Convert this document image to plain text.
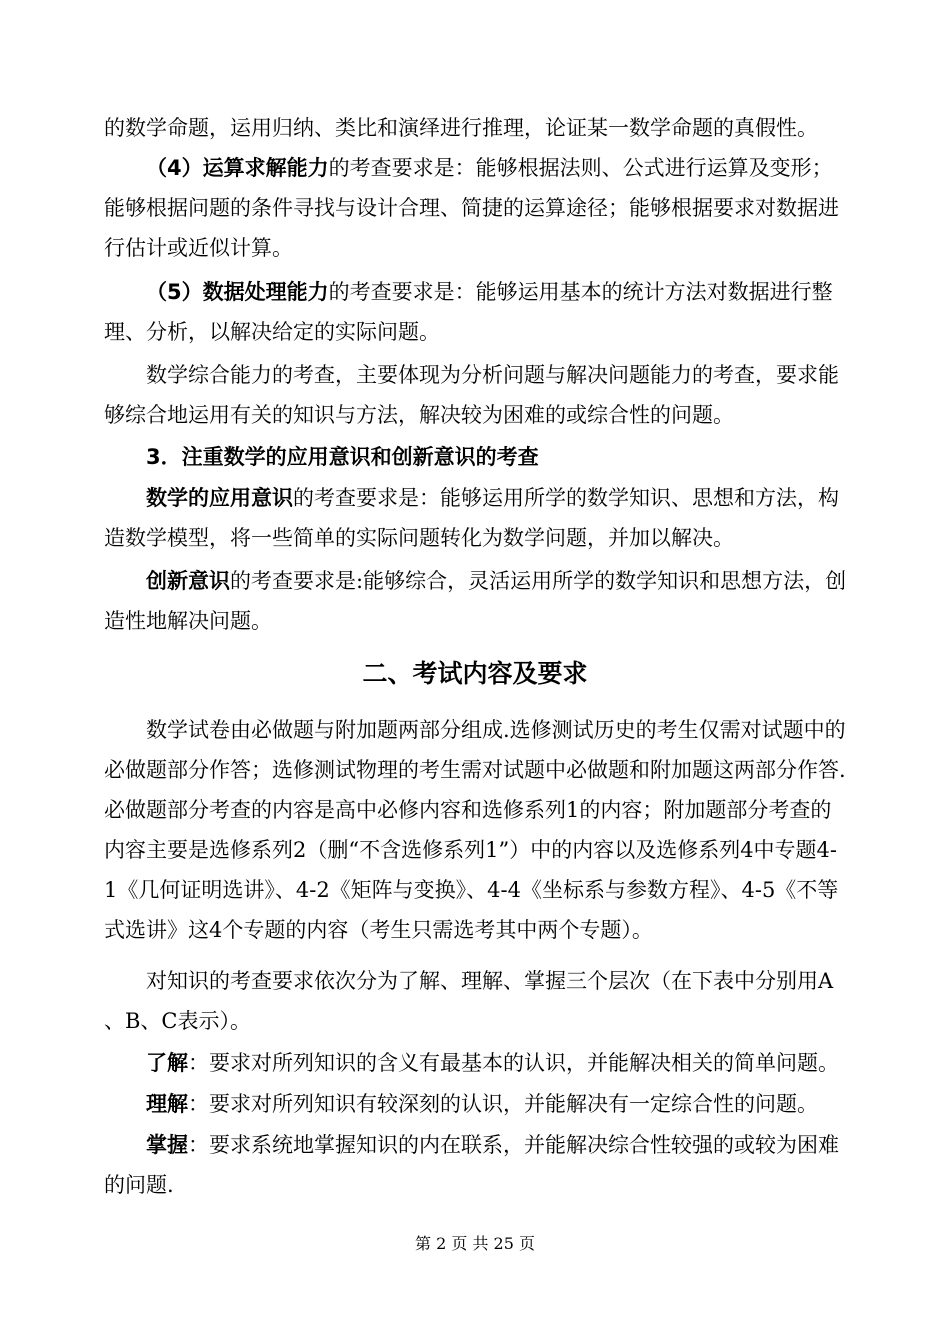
的数学命题，运用归纳、类比和演绎进行推理，论证某一数学命题的真假性。

（4）运算求解能力的考查要求是：能够根据法则、公式进行运算及变形；能够根据问题的条件寻找与设计合理、简捷的运算途径；能够根据要求对数据进行估计或近似计算。

（5）数据处理能力的考查要求是：能够运用基本的统计方法对数据进行整理、分析，以解决给定的实际问题。

数学综合能力的考查，主要体现为分析问题与解决问题能力的考查，要求能够综合地运用有关的知识与方法，解决较为困难的或综合性的问题。

3．注重数学的应用意识和创新意识的考查

数学的应用意识的考查要求是：能够运用所学的数学知识、思想和方法，构造数学模型，将一些简单的实际问题转化为数学问题，并加以解决。

创新意识的考查要求是:能够综合，灵活运用所学的数学知识和思想方法，创造性地解决问题。

二、考试内容及要求

数学试卷由必做题与附加题两部分组成.选修测试历史的考生仅需对试题中的必做题部分作答；选修测试物理的考生需对试题中必做题和附加题这两部分作答.必做题部分考查的内容是高中必修内容和选修系列1的内容；附加题部分考查的内容主要是选修系列2（删“不含选修系列1”）中的内容以及选修系列4中专题4-1《几何证明选讲》、4-2《矩阵与变换》、4-4《坐标系与参数方程》、4-5《不等式选讲》这4个专题的内容（考生只需选考其中两个专题）。

对知识的考查要求依次分为了解、理解、掌握三个层次（在下表中分别用A 、B、C表示）。

了解：要求对所列知识的含义有最基本的认识，并能解决相关的简单问题。

理解：要求对所列知识有较深刻的认识，并能解决有一定综合性的问题。

掌握：要求系统地掌握知识的内在联系，并能解决综合性较强的或较为困难的问题.

第 2 页 共 25 页
